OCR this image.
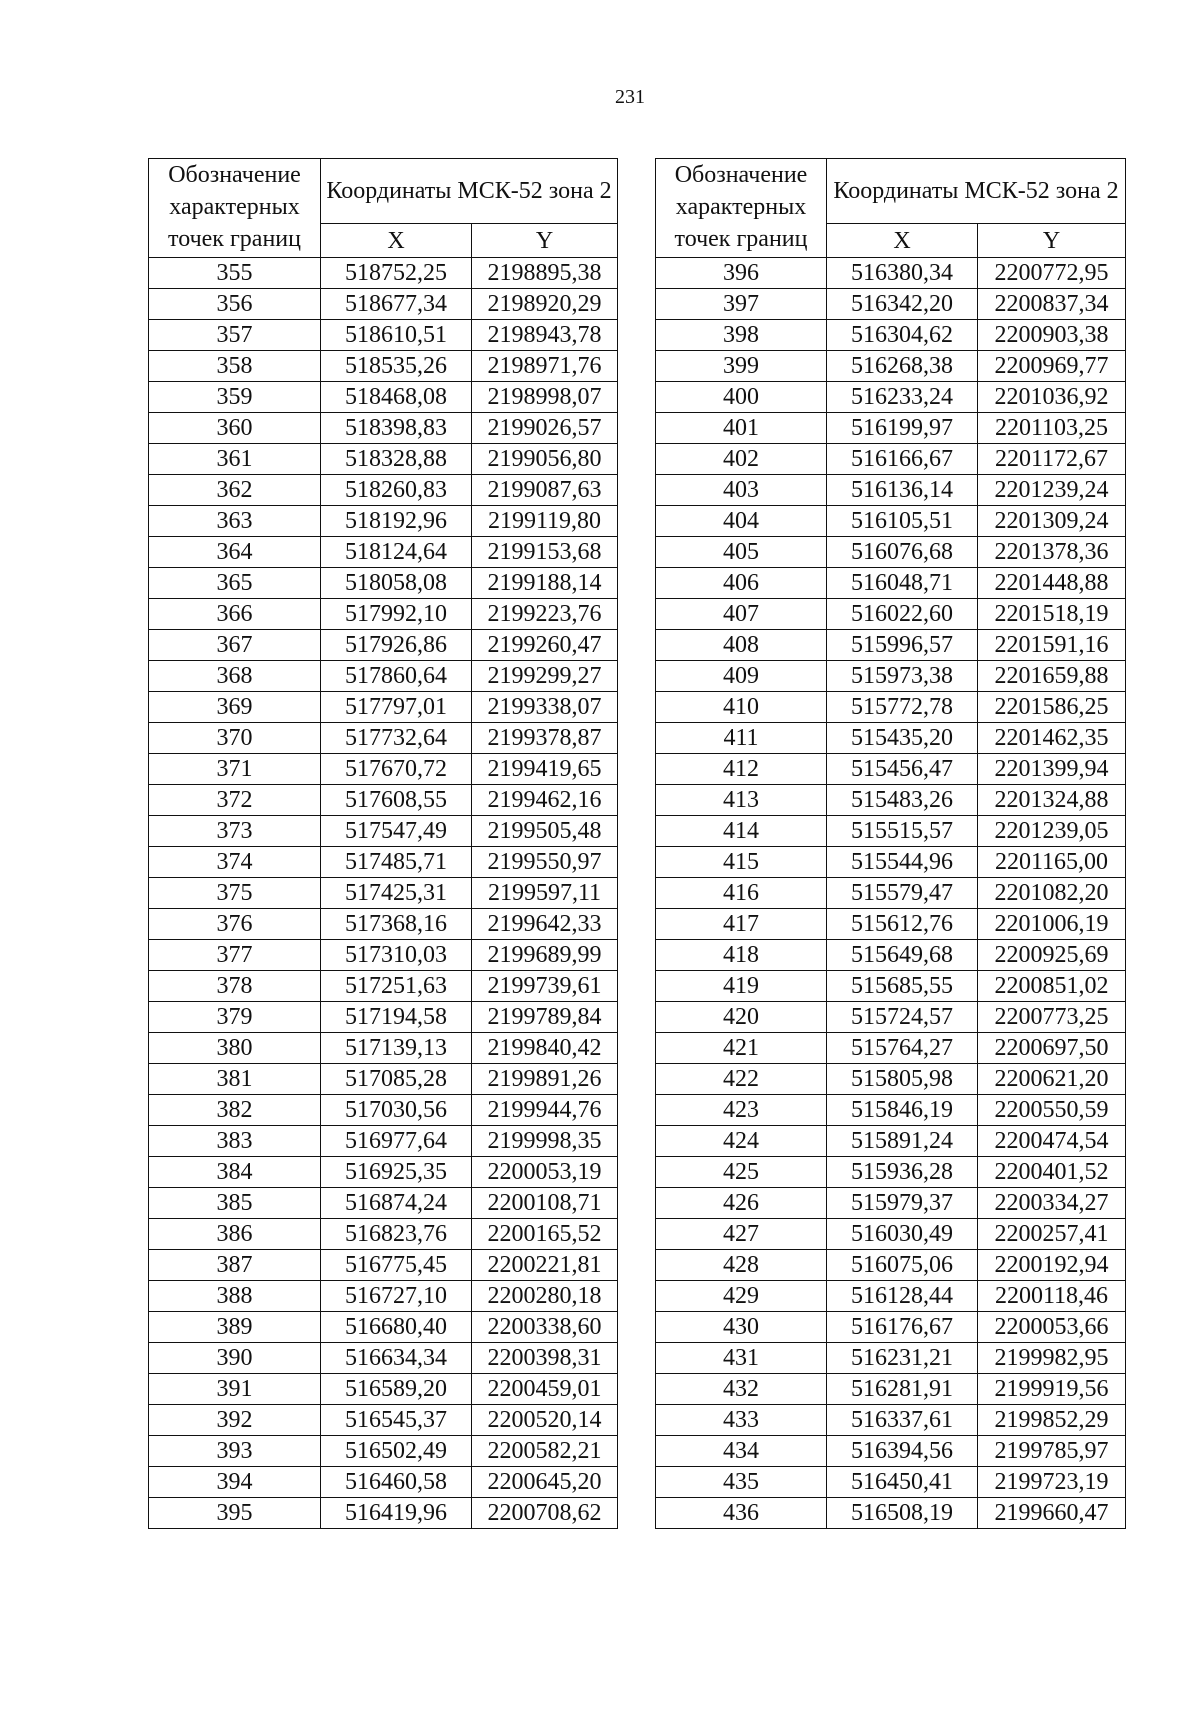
231
Обозначение характерных точек границ	Координаты МСК-52 зона 2	
	X	Y
355	518752,25	2198895,38
356	518677,34	2198920,29
357	518610,51	2198943,78
358	518535,26	2198971,76
359	518468,08	2198998,07
360	518398,83	2199026,57
361	518328,88	2199056,80
362	518260,83	2199087,63
363	518192,96	2199119,80
364	518124,64	2199153,68
365	518058,08	2199188,14
366	517992,10	2199223,76
367	517926,86	2199260,47
368	517860,64	2199299,27
369	517797,01	2199338,07
370	517732,64	2199378,87
371	517670,72	2199419,65
372	517608,55	2199462,16
373	517547,49	2199505,48
374	517485,71	2199550,97
375	517425,31	2199597,11
376	517368,16	2199642,33
377	517310,03	2199689,99
378	517251,63	2199739,61
379	517194,58	2199789,84
380	517139,13	2199840,42
381	517085,28	2199891,26
382	517030,56	2199944,76
383	516977,64	2199998,35
384	516925,35	2200053,19
385	516874,24	2200108,71
386	516823,76	2200165,52
387	516775,45	2200221,81
388	516727,10	2200280,18
389	516680,40	2200338,60
390	516634,34	2200398,31
391	516589,20	2200459,01
392	516545,37	2200520,14
393	516502,49	2200582,21
394	516460,58	2200645,20
395	516419,96	2200708,62
Обозначение характерных точек границ	Координаты МСК-52 зона 2	
	X	Y
396	516380,34	2200772,95
397	516342,20	2200837,34
398	516304,62	2200903,38
399	516268,38	2200969,77
400	516233,24	2201036,92
401	516199,97	2201103,25
402	516166,67	2201172,67
403	516136,14	2201239,24
404	516105,51	2201309,24
405	516076,68	2201378,36
406	516048,71	2201448,88
407	516022,60	2201518,19
408	515996,57	2201591,16
409	515973,38	2201659,88
410	515772,78	2201586,25
411	515435,20	2201462,35
412	515456,47	2201399,94
413	515483,26	2201324,88
414	515515,57	2201239,05
415	515544,96	2201165,00
416	515579,47	2201082,20
417	515612,76	2201006,19
418	515649,68	2200925,69
419	515685,55	2200851,02
420	515724,57	2200773,25
421	515764,27	2200697,50
422	515805,98	2200621,20
423	515846,19	2200550,59
424	515891,24	2200474,54
425	515936,28	2200401,52
426	515979,37	2200334,27
427	516030,49	2200257,41
428	516075,06	2200192,94
429	516128,44	2200118,46
430	516176,67	2200053,66
431	516231,21	2199982,95
432	516281,91	2199919,56
433	516337,61	2199852,29
434	516394,56	2199785,97
435	516450,41	2199723,19
436	516508,19	2199660,47
